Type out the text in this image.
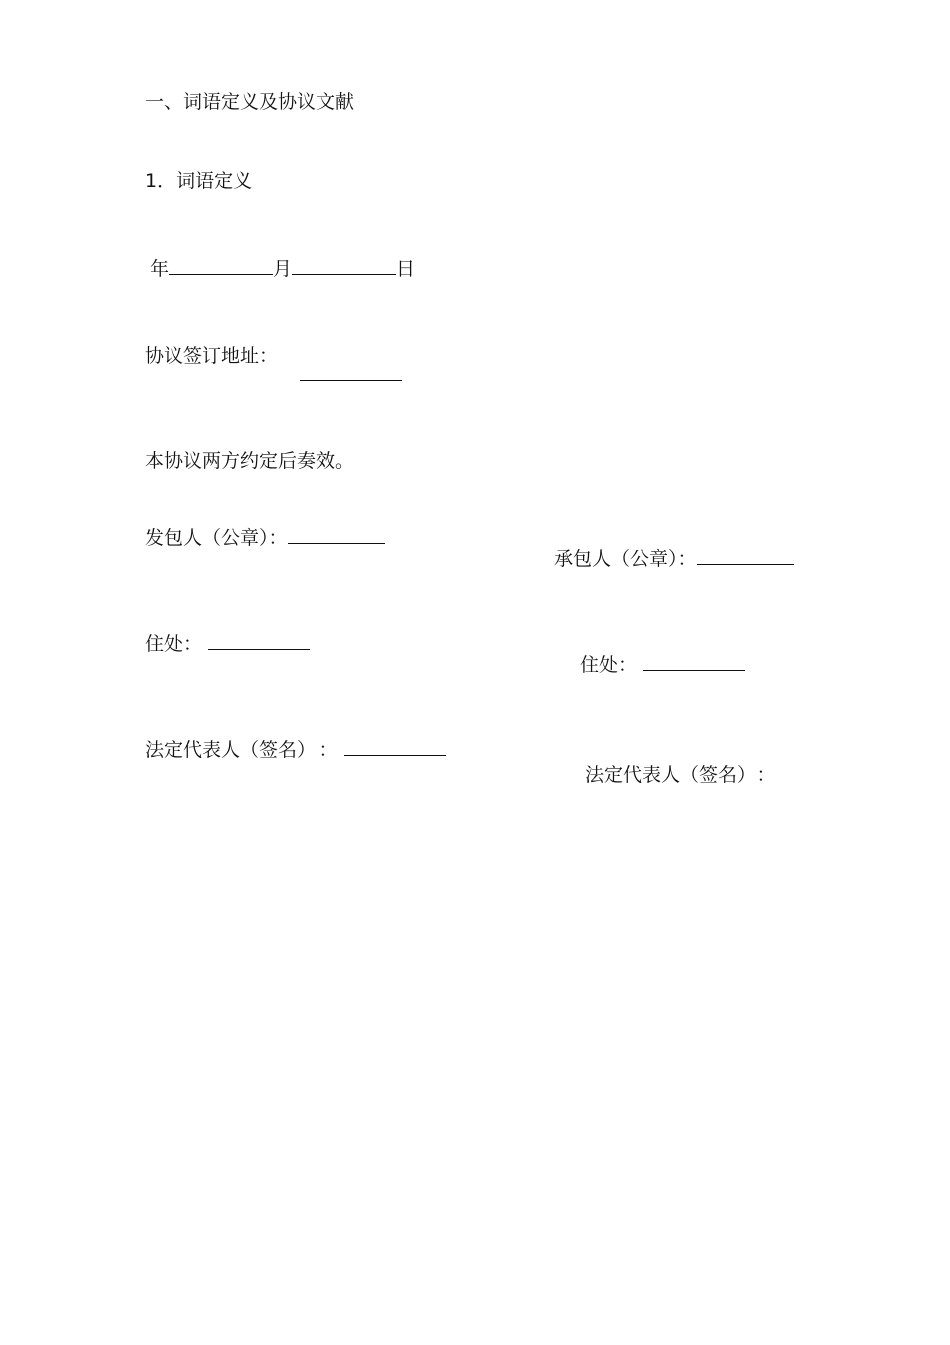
一、词语定义及协议文献
1．词语定义
年	月	日
协议签订地址：
本协议两方约定后奏效。
发包人（公章）：
住处：
法定代表人（签名） ：
承包人（公章）：
住处：
法定代表人（签名） ：
